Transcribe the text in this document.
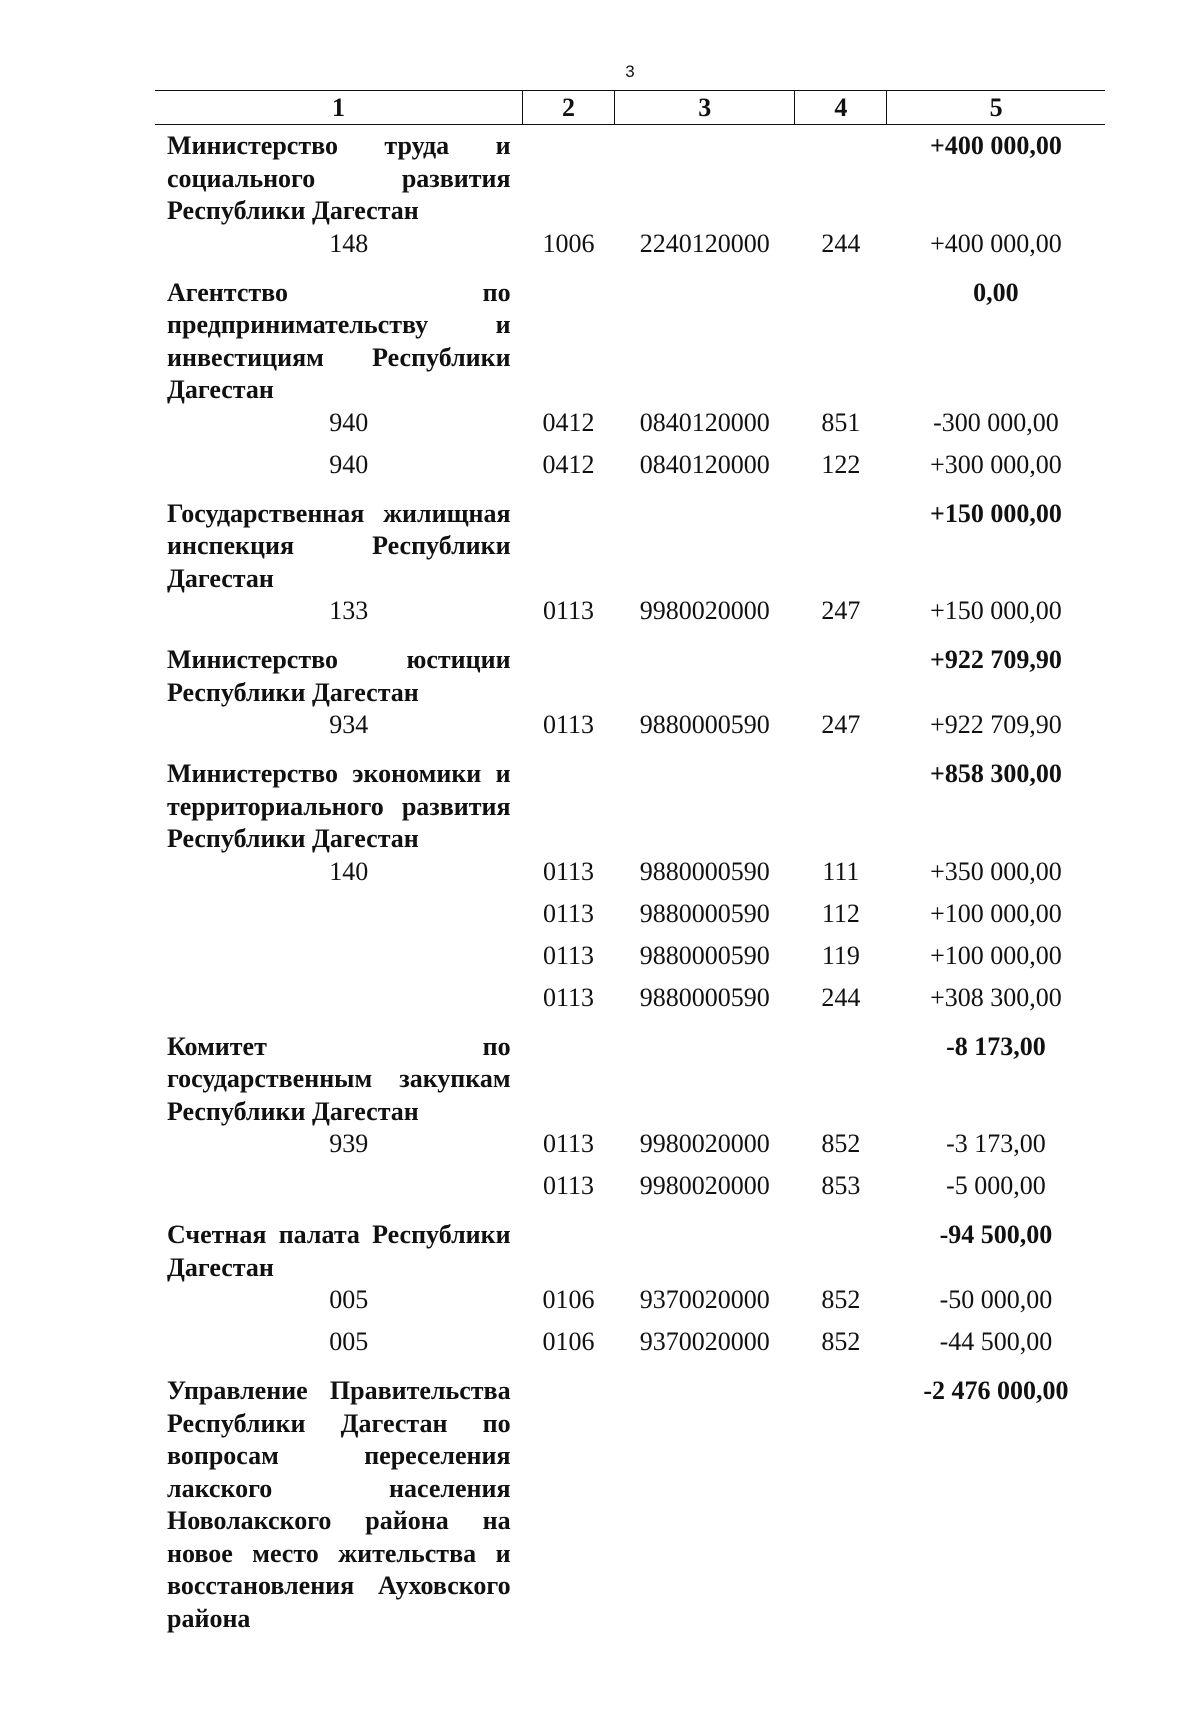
3
1	2	3	4	5
Министерство труда и социального развития Республики Дагестан				+400 000,00
148	1006	2240120000	244	+400 000,00
Агентство по предпринимательству и инвестициям Республики Дагестан				0,00
940	0412	0840120000	851	-300 000,00
940	0412	0840120000	122	+300 000,00
Государственная жилищная инспекция Республики Дагестан				+150 000,00
133	0113	9980020000	247	+150 000,00
Министерство юстиции Республики Дагестан				+922 709,90
934	0113	9880000590	247	+922 709,90
Министерство экономики и территориального развития Республики Дагестан				+858 300,00
140	0113	9880000590	111	+350 000,00
	0113	9880000590	112	+100 000,00
	0113	9880000590	119	+100 000,00
	0113	9880000590	244	+308 300,00
Комитет по государственным закупкам Республики Дагестан				-8 173,00
939	0113	9980020000	852	-3 173,00
	0113	9980020000	853	-5 000,00
Счетная палата Республики Дагестан				-94 500,00
005	0106	9370020000	852	-50 000,00
005	0106	9370020000	852	-44 500,00
Управление Правительства Республики Дагестан по вопросам переселения лакского населения Новолакского района на новое место жительства и восстановления Ауховского района				-2 476 000,00
